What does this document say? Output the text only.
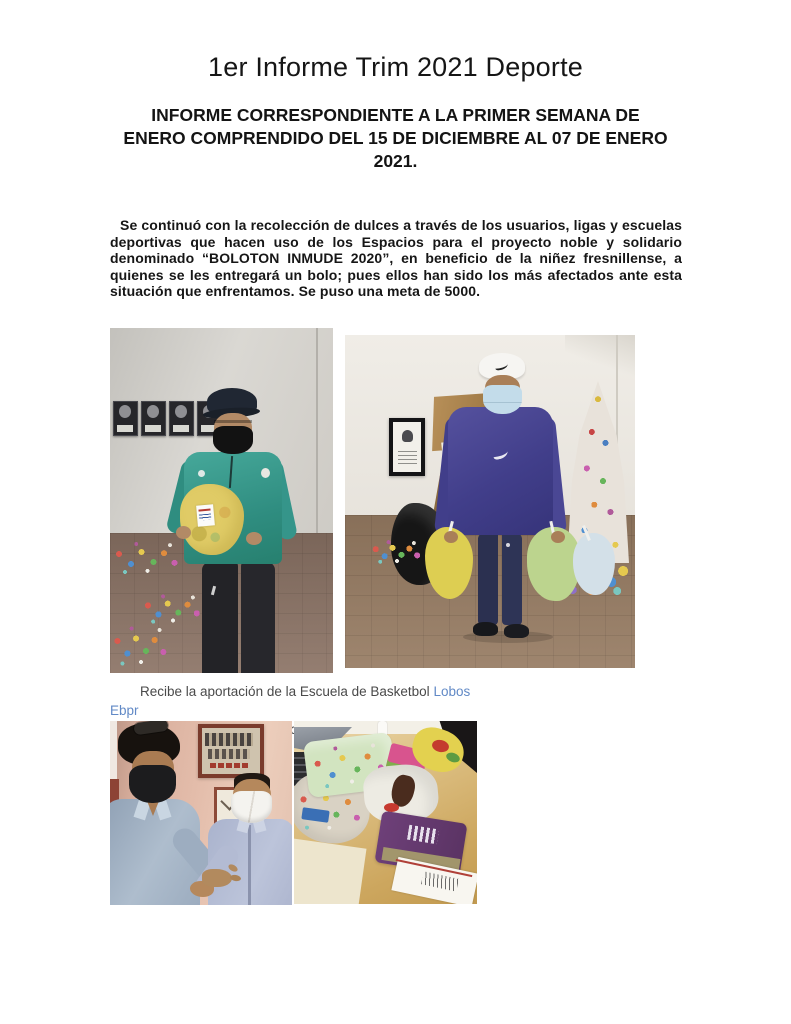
1er Informe Trim 2021 Deporte
INFORME CORRESPONDIENTE A LA PRIMER SEMANA DE
ENERO COMPRENDIDO DEL 15 DE DICIEMBRE AL 07 DE ENERO
2021.
Se continuó con la recolección de dulces a través de los usuarios, ligas y escuelas deportivas que hacen uso de los Espacios para el proyecto noble y solidario denominado “BOLOTON INMUDE 2020”, en beneficio de la niñez fresnillense, a quienes se les entregará un bolo; pues ellos han sido los más afectados ante esta situación que enfrentamos. Se puso una meta de 5000.
Recibe la aportación de la Escuela de Basketbol Lobos Ebpr
